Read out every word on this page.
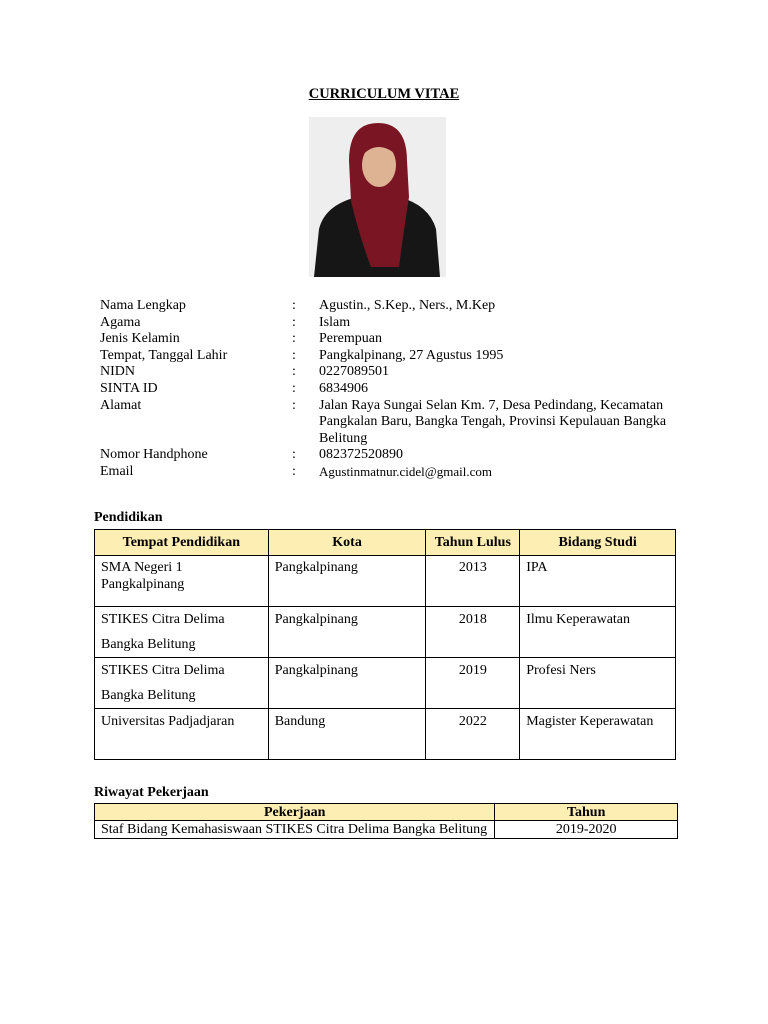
CURRICULUM VITAE
Nama Lengkap	:	Agustin., S.Kep., Ners., M.Kep
Agama	:	Islam
Jenis Kelamin	:	Perempuan
Tempat, Tanggal Lahir	:	Pangkalpinang, 27 Agustus 1995
NIDN	:	0227089501
SINTA ID	:	6834906
Alamat	:	Jalan Raya Sungai Selan Km. 7, Desa Pedindang, Kecamatan Pangkalan Baru, Bangka Tengah, Provinsi Kepulauan Bangka Belitung
Nomor Handphone	:	082372520890
Email	:	Agustinmatnur.cidel@gmail.com
Pendidikan
Tempat Pendidikan	Kota	Tahun Lulus	Bidang Studi
SMA Negeri 1 Pangkalpinang	Pangkalpinang	2013	IPA
STIKES Citra Delima Bangka Belitung	Pangkalpinang	2018	Ilmu Keperawatan
STIKES Citra Delima Bangka Belitung	Pangkalpinang	2019	Profesi Ners
Universitas Padjadjaran	Bandung	2022	Magister Keperawatan
Riwayat Pekerjaan
Pekerjaan	Tahun
Staf Bidang Kemahasiswaan STIKES Citra Delima Bangka Belitung	2019-2020
